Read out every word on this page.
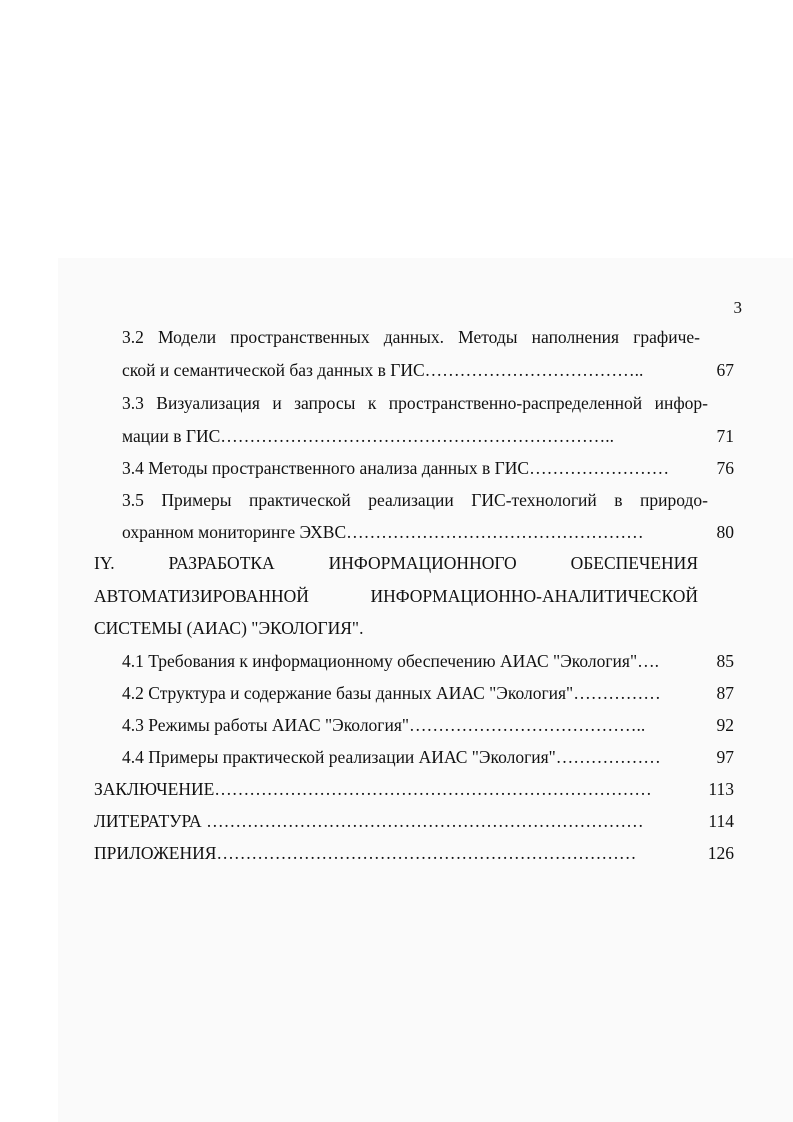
3
3.2 Модели пространственных данных. Методы наполнения графиче-
ской и семантической баз данных в ГИС………………………………..	67
3.3 Визуализация и запросы к пространственно-распределенной инфор-
мации в ГИС…………………………………………………………..	71
3.4 Методы пространственного анализа данных в ГИС……………………	76
3.5 Примеры практической реализации ГИС-технологий в природо-
охранном мониторинге ЭХВС……………………………………………	80
IY. РАЗРАБОТКА ИНФОРМАЦИОННОГО ОБЕСПЕЧЕНИЯ
АВТОМАТИЗИРОВАННОЙ ИНФОРМАЦИОННО-АНАЛИТИЧЕСКОЙ
СИСТЕМЫ (АИАС) "ЭКОЛОГИЯ".
4.1 Требования к информационному обеспечению АИАС "Экология"….	85
4.2 Структура и содержание базы данных АИАС "Экология"……………	87
4.3 Режимы работы АИАС "Экология"…………………………………..	92
4.4 Примеры практической реализации АИАС "Экология"………………	97
ЗАКЛЮЧЕНИЕ…………………………………………………………………	113
ЛИТЕРАТУРА …………………………………………………………………	114
ПРИЛОЖЕНИЯ………………………………………………………………	126
